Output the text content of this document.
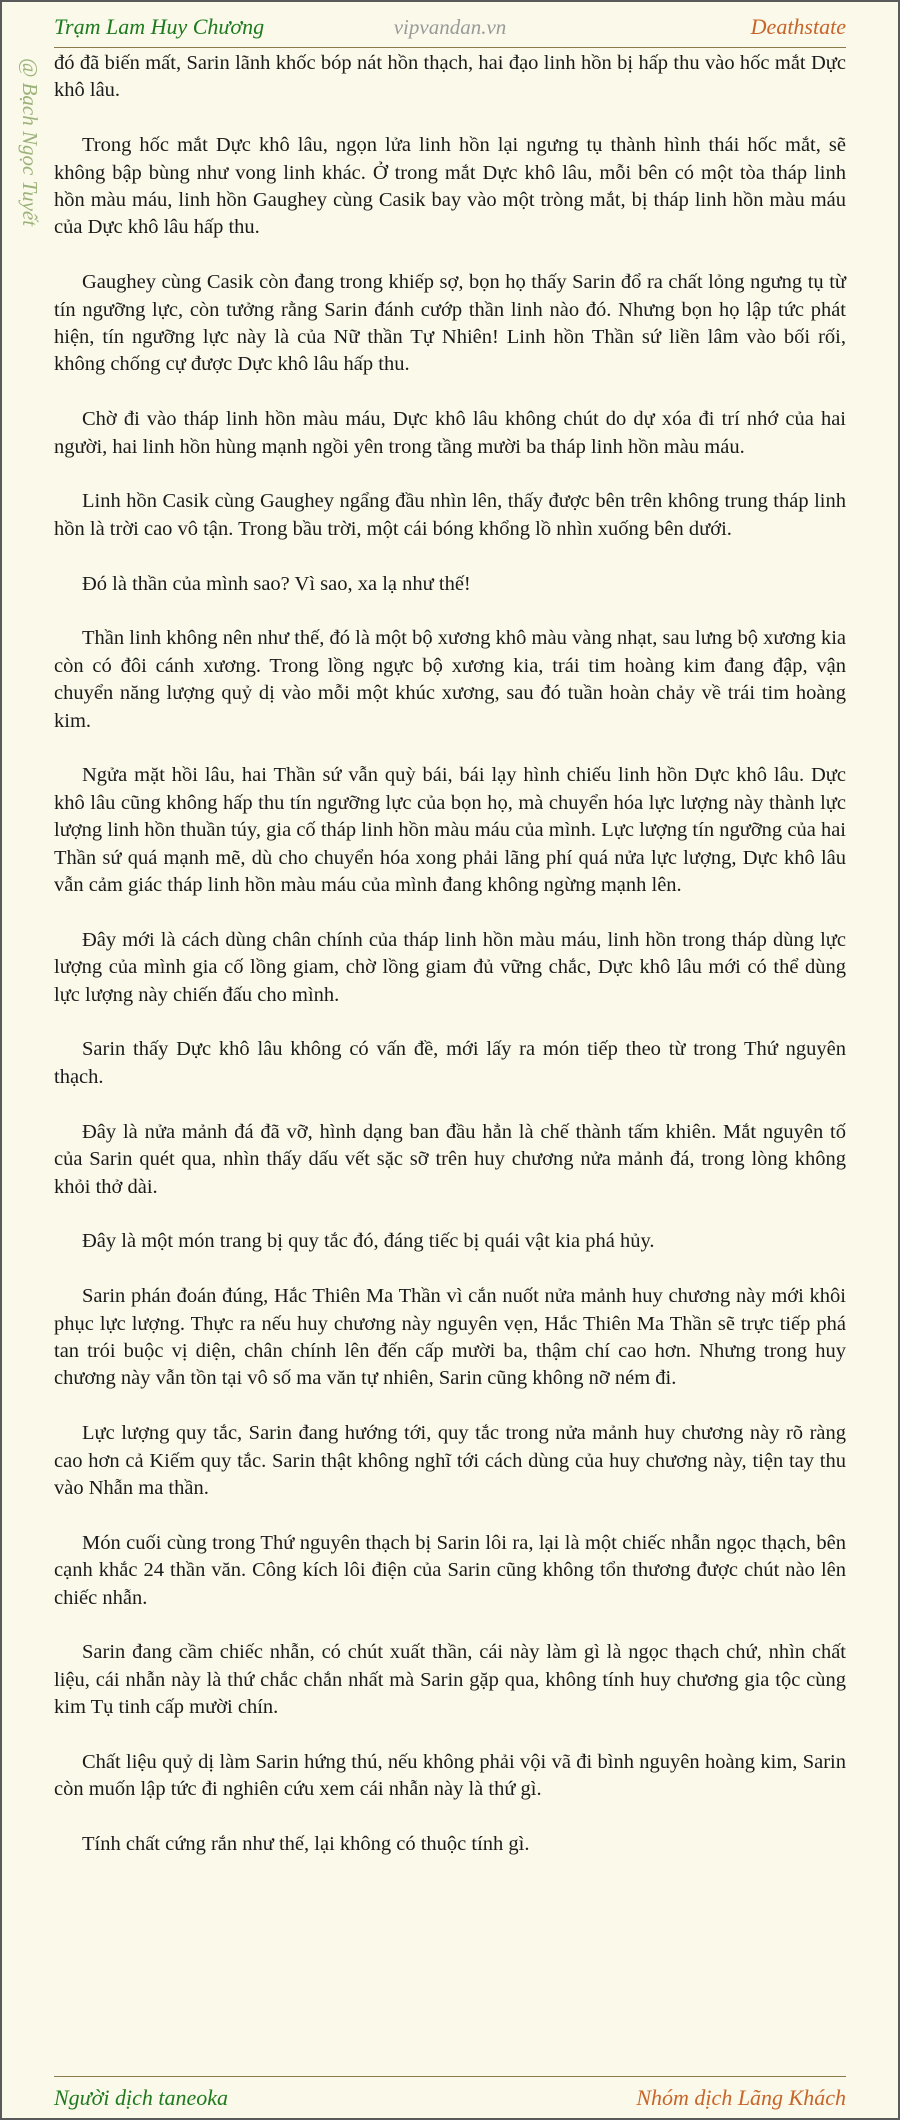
Trạm Lam Huy Chương	vipvandan.vn	Deathstate
@ Bạch Ngọc Tuyết đó đã biến mất, Sarin lãnh khốc bóp nát hồn thạch, hai đạo linh hồn bị hấp thu vào hốc mắt Dực khô lâu.

Trong hốc mắt Dực khô lâu, ngọn lửa linh hồn lại ngưng tụ thành hình thái hốc mắt, sẽ không bập bùng như vong linh khác. Ở trong mắt Dực khô lâu, mỗi bên có một tòa tháp linh hồn màu máu, linh hồn Gaughey cùng Casik bay vào một tròng mắt, bị tháp linh hồn màu máu của Dực khô lâu hấp thu.

Gaughey cùng Casik còn đang trong khiếp sợ, bọn họ thấy Sarin đổ ra chất lỏng ngưng tụ từ tín ngưỡng lực, còn tưởng rằng Sarin đánh cướp thần linh nào đó. Nhưng bọn họ lập tức phát hiện, tín ngưỡng lực này là của Nữ thần Tự Nhiên! Linh hồn Thần sứ liền lâm vào bối rối, không chống cự được Dực khô lâu hấp thu.

Chờ đi vào tháp linh hồn màu máu, Dực khô lâu không chút do dự xóa đi trí nhớ của hai người, hai linh hồn hùng mạnh ngồi yên trong tầng mười ba tháp linh hồn màu máu.

Linh hồn Casik cùng Gaughey ngẩng đầu nhìn lên, thấy được bên trên không trung tháp linh hồn là trời cao vô tận. Trong bầu trời, một cái bóng khổng lồ nhìn xuống bên dưới.

Đó là thần của mình sao? Vì sao, xa lạ như thế!

Thần linh không nên như thế, đó là một bộ xương khô màu vàng nhạt, sau lưng bộ xương kia còn có đôi cánh xương. Trong lồng ngực bộ xương kia, trái tim hoàng kim đang đập, vận chuyển năng lượng quỷ dị vào mỗi một khúc xương, sau đó tuần hoàn chảy về trái tim hoàng kim.

Ngửa mặt hồi lâu, hai Thần sứ vẫn quỳ bái, bái lạy hình chiếu linh hồn Dực khô lâu. Dực khô lâu cũng không hấp thu tín ngưỡng lực của bọn họ, mà chuyển hóa lực lượng này thành lực lượng linh hồn thuần túy, gia cố tháp linh hồn màu máu của mình. Lực lượng tín ngưỡng của hai Thần sứ quá mạnh mẽ, dù cho chuyển hóa xong phải lãng phí quá nửa lực lượng, Dực khô lâu vẫn cảm giác tháp linh hồn màu máu của mình đang không ngừng mạnh lên.

Đây mới là cách dùng chân chính của tháp linh hồn màu máu, linh hồn trong tháp dùng lực lượng của mình gia cố lồng giam, chờ lồng giam đủ vững chắc, Dực khô lâu mới có thể dùng lực lượng này chiến đấu cho mình.

Sarin thấy Dực khô lâu không có vấn đề, mới lấy ra món tiếp theo từ trong Thứ nguyên thạch.

Đây là nửa mảnh đá đã vỡ, hình dạng ban đầu hẳn là chế thành tấm khiên. Mắt nguyên tố của Sarin quét qua, nhìn thấy dấu vết sặc sỡ trên huy chương nửa mảnh đá, trong lòng không khỏi thở dài.

Đây là một món trang bị quy tắc đó, đáng tiếc bị quái vật kia phá hủy.

Sarin phán đoán đúng, Hắc Thiên Ma Thần vì cắn nuốt nửa mảnh huy chương này mới khôi phục lực lượng. Thực ra nếu huy chương này nguyên vẹn, Hắc Thiên Ma Thần sẽ trực tiếp phá tan trói buộc vị diện, chân chính lên đến cấp mười ba, thậm chí cao hơn. Nhưng trong huy chương này vẫn tồn tại vô số ma văn tự nhiên, Sarin cũng không nỡ ném đi.

Lực lượng quy tắc, Sarin đang hướng tới, quy tắc trong nửa mảnh huy chương này rõ ràng cao hơn cả Kiếm quy tắc. Sarin thật không nghĩ tới cách dùng của huy chương này, tiện tay thu vào Nhẫn ma thần.

Món cuối cùng trong Thứ nguyên thạch bị Sarin lôi ra, lại là một chiếc nhẫn ngọc thạch, bên cạnh khắc 24 thần văn. Công kích lôi điện của Sarin cũng không tổn thương được chút nào lên chiếc nhẫn.

Sarin đang cầm chiếc nhẫn, có chút xuất thần, cái này làm gì là ngọc thạch chứ, nhìn chất liệu, cái nhẫn này là thứ chắc chắn nhất mà Sarin gặp qua, không tính huy chương gia tộc cùng kim Tụ tinh cấp mười chín.

Chất liệu quỷ dị làm Sarin hứng thú, nếu không phải vội vã đi bình nguyên hoàng kim, Sarin còn muốn lập tức đi nghiên cứu xem cái nhẫn này là thứ gì.

Tính chất cứng rắn như thế, lại không có thuộc tính gì.

Người dịch taneoka	Nhóm dịch Lãng Khách
